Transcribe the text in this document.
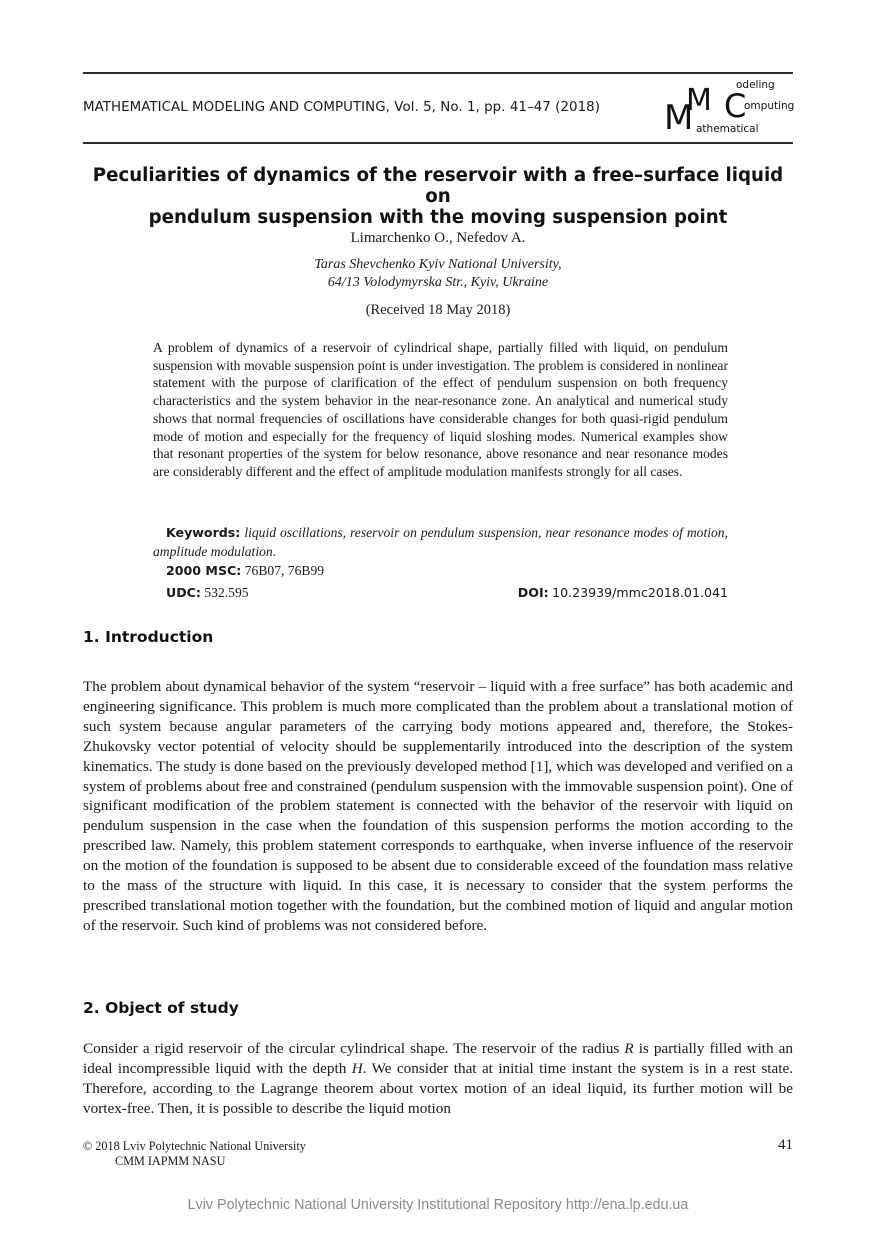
MATHEMATICAL MODELING AND COMPUTING, Vol. 5, No. 1, pp. 41–47 (2018) M
M C
odeling
omputing
athematical
Peculiarities of dynamics of the reservoir with a free–surface liquid on
pendulum suspension with the moving suspension point
Limarchenko O., Nefedov A.
Taras Shevchenko Kyiv National University,
64/13 Volodymyrska Str., Kyiv, Ukraine
(Received 18 May 2018)
A problem of dynamics of a reservoir of cylindrical shape, partially filled with liquid, on pendulum suspension with movable suspension point is under investigation. The problem is considered in nonlinear statement with the purpose of clarification of the effect of pendulum suspension on both frequency characteristics and the system behavior in the near-resonance zone. An analytical and numerical study shows that normal frequencies of oscillations have considerable changes for both quasi-rigid pendulum mode of motion and especially for the frequency of liquid sloshing modes. Numerical examples show that resonant properties of the system for below resonance, above resonance and near resonance modes are considerably different and the effect of amplitude modulation manifests strongly for all cases.
Keywords: liquid oscillations, reservoir on pendulum suspension, near resonance modes of motion, amplitude modulation.
2000 MSC: 76B07, 76B99
UDC: 532.595	DOI: 10.23939/mmc2018.01.041
1. Introduction
The problem about dynamical behavior of the system “reservoir – liquid with a free surface” has both academic and engineering significance. This problem is much more complicated than the problem about a translational motion of such system because angular parameters of the carrying body motions appeared and, therefore, the Stokes-Zhukovsky vector potential of velocity should be supplementarily introduced into the description of the system kinematics. The study is done based on the previously developed method [1], which was developed and verified on a system of problems about free and constrained (pendulum suspension with the immovable suspension point). One of significant modification of the problem statement is connected with the behavior of the reservoir with liquid on pendulum suspension in the case when the foundation of this suspension performs the motion according to the prescribed law. Namely, this problem statement corresponds to earthquake, when inverse influence of the reservoir on the motion of the foundation is supposed to be absent due to considerable exceed of the foundation mass relative to the mass of the structure with liquid. In this case, it is necessary to consider that the system performs the prescribed translational motion together with the foundation, but the combined motion of liquid and angular motion of the reservoir. Such kind of problems was not considered before.
2. Object of study
Consider a rigid reservoir of the circular cylindrical shape. The reservoir of the radius R is partially filled with an ideal incompressible liquid with the depth H. We consider that at initial time instant the system is in a rest state. Therefore, according to the Lagrange theorem about vortex motion of an ideal liquid, its further motion will be vortex-free. Then, it is possible to describe the liquid motion
© 2018 Lviv Polytechnic National University
CMM IAPMM NASU
41
Lviv Polytechnic National University Institutional Repository http://ena.lp.edu.ua
